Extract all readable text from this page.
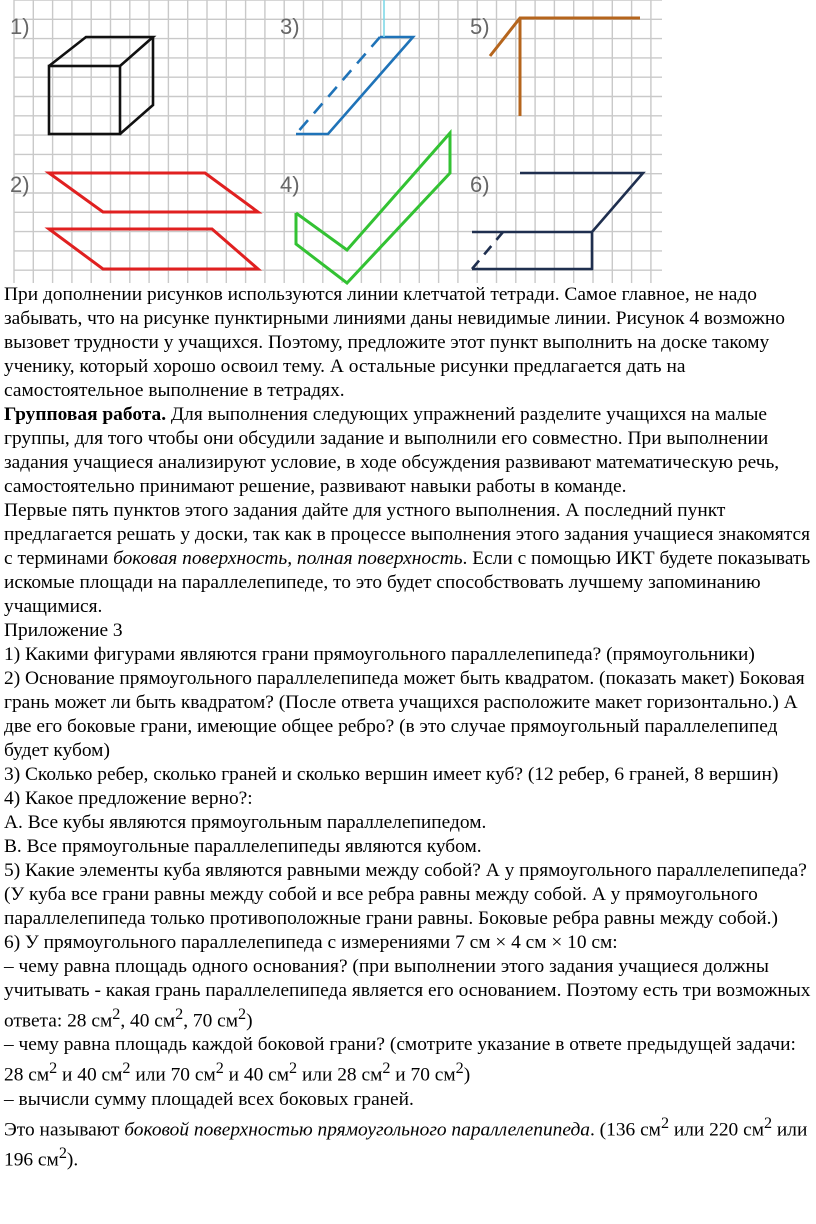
1)
2)
3)
4)
5)
6)

При дополнении рисунков используются линии клетчатой тетради. Самое главное, не надо забывать, что на рисунке пунктирными линиями даны невидимые линии. Рисунок 4 возможно вызовет трудности у учащихся. Поэтому, предложите этот пункт выполнить на доске такому ученику, который хорошо освоил тему. А остальные рисунки предлагается дать на самостоятельное выполнение в тетрадях.

Групповая работа. Для выполнения следующих упражнений разделите учащихся на малые группы, для того чтобы они обсудили задание и выполнили его совместно. При выполнении задания учащиеся анализируют условие, в ходе обсуждения развивают математическую речь, самостоятельно принимают решение, развивают навыки работы в команде.

Первые пять пунктов этого задания дайте для устного выполнения. А последний пункт предлагается решать у доски, так как в процессе выполнения этого задания учащиеся знакомятся с терминами боковая поверхность, полная поверхность. Если с помощью ИКТ будете показывать искомые площади на параллелепипеде, то это будет способствовать лучшему запоминанию учащимися.

Приложение 3

1) Какими фигурами являются грани прямоугольного параллелепипеда? (прямоугольники)

2) Основание прямоугольного параллелепипеда может быть квадратом. (показать макет) Боковая грань может ли быть квадратом? (После ответа учащихся расположите макет горизонтально.) А две его боковые грани, имеющие общее ребро? (в это случае прямоугольный параллелепипед будет кубом)

3) Сколько ребер, сколько граней и сколько вершин имеет куб? (12 ребер, 6 граней, 8 вершин)

4) Какое предложение верно?:

А. Все кубы являются прямоугольным параллелепипедом.

В. Все прямоугольные параллелепипеды являются кубом.

5) Какие элементы куба являются равными между собой? А у прямоугольного параллелепипеда? (У куба все грани равны между собой и все ребра равны между собой. А у прямоугольного параллелепипеда только противоположные грани равны. Боковые ребра равны между собой.)

6) У прямоугольного параллелепипеда с измерениями 7 см × 4 см × 10 см:

– чему равна площадь одного основания? (при выполнении этого задания учащиеся должны учитывать - какая грань параллелепипеда является его основанием. Поэтому есть три возможных ответа: 28 $см^2$, 40 $см^2$, 70 $см^2$)

– чему равна площадь каждой боковой грани? (смотрите указание в ответе предыдущей задачи: 28 $см^2$ и 40 $см^2$ или 70 $см^2$ и 40 $см^2$ или 28 $см^2$ и 70 $см^2$)

– вычисли сумму площадей всех боковых граней.

Это называют боковой поверхностью прямоугольного параллелепипеда. (136 $см^2$ или 220 $см^2$ или 196 $см^2$).
